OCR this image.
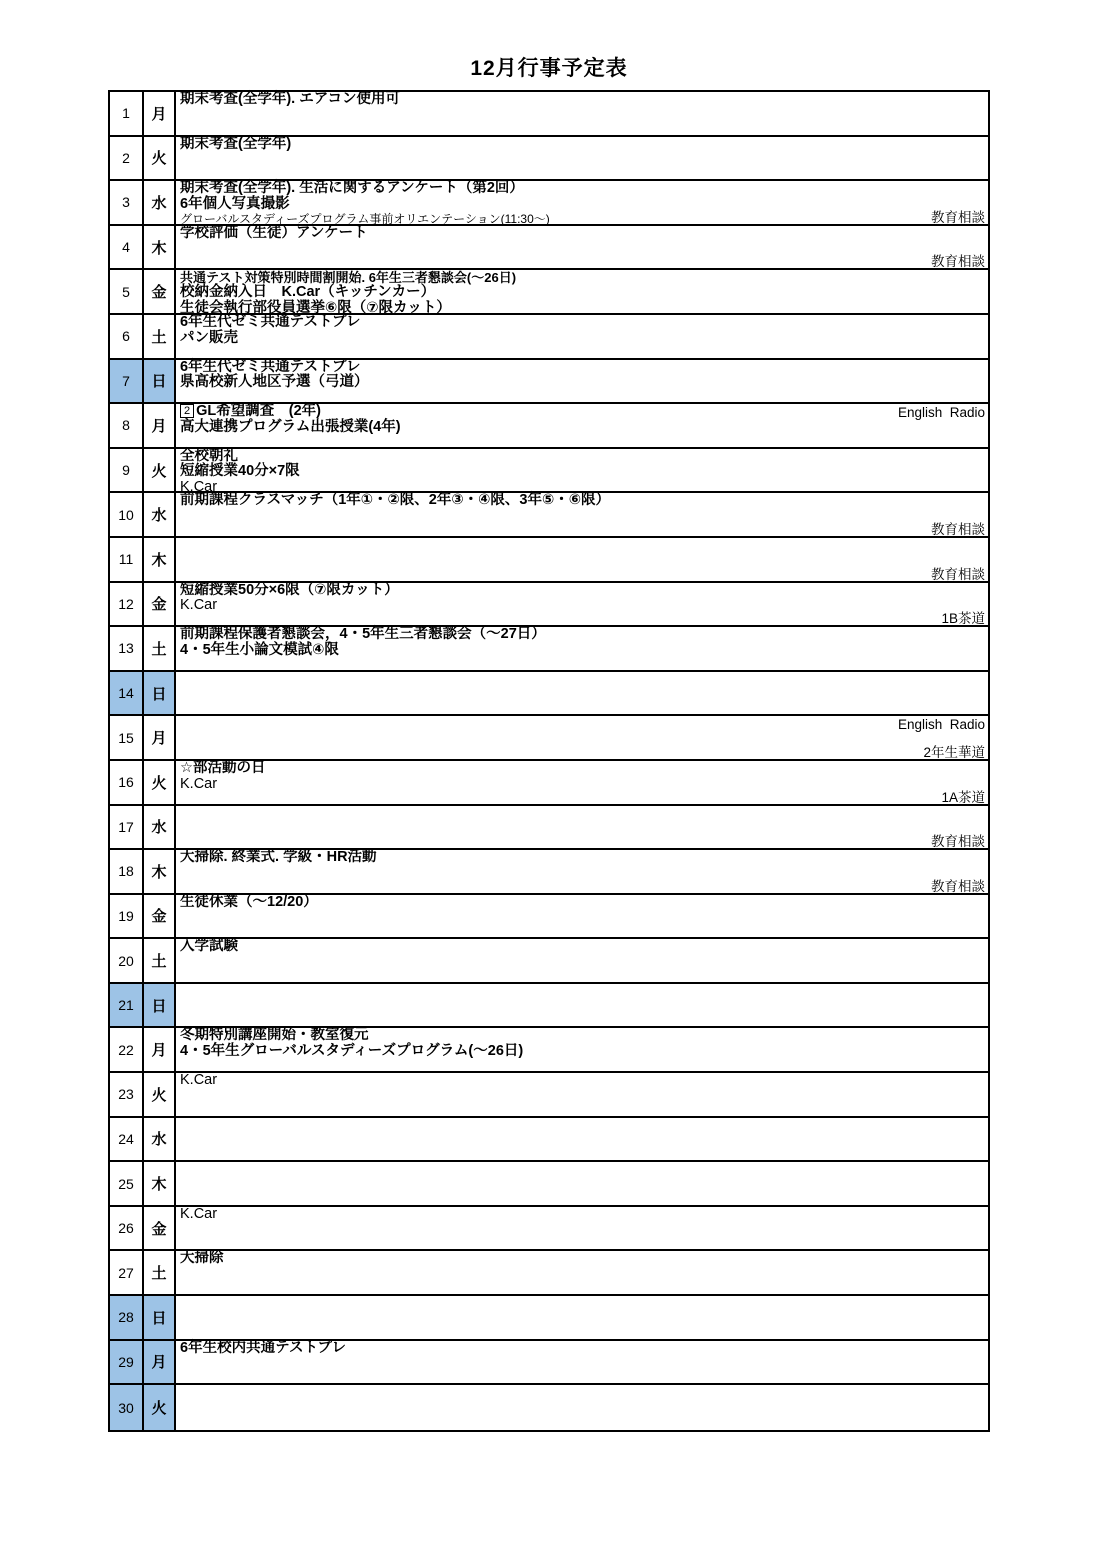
12月行事予定表
1	月
期末考査(全学年). エアコン使用可
2	火
期末考査(全学年)
3	水
期末考査(全学年). 生活に関するアンケート（第2回）
6年個人写真撮影
グローバルスタディーズプログラム事前オリエンテーション(11:30～)	教育相談
4	木
学校評価（生徒）アンケート
教育相談
5	金
共通テスト対策特別時間割開始. 6年生三者懇談会(～26日)
校納金納入日　K.Car（キッチンカー）
生徒会執行部役員選挙⑥限（⑦限カット）
6	土
6年生代ゼミ共通テストプレ
パン販売
7	日
6年生代ゼミ共通テストプレ
県高校新人地区予選（弓道）
8	月
2 GL希望調査　(2年)
高大連携プログラム出張授業(4年)
English  Radio
9	火
全校朝礼
短縮授業40分×7限
K.Car
10	水
前期課程クラスマッチ（1年①・②限、2年③・④限、3年⑤・⑥限）
教育相談
11	木
教育相談
12	金
短縮授業50分×6限（⑦限カット）
K.Car
1B茶道
13	土
前期課程保護者懇談会，4・5年生三者懇談会（～27日）
4・5年生小論文模試④限
14	日
15	月
English  Radio
2年生華道
16	火
☆部活動の日
K.Car
1A茶道
17	水
教育相談
18	木
大掃除. 終業式. 学級・HR活動
教育相談
19	金
生徒休業（～12/20）
20	土
入学試験
21	日
22	月
冬期特別講座開始・教室復元
4・5年生グローバルスタディーズプログラム(～26日)
23	火
K.Car
24	水
25	木
26	金
K.Car
27	土
大掃除
28	日
29	月
6年生校内共通テストプレ
30	火
